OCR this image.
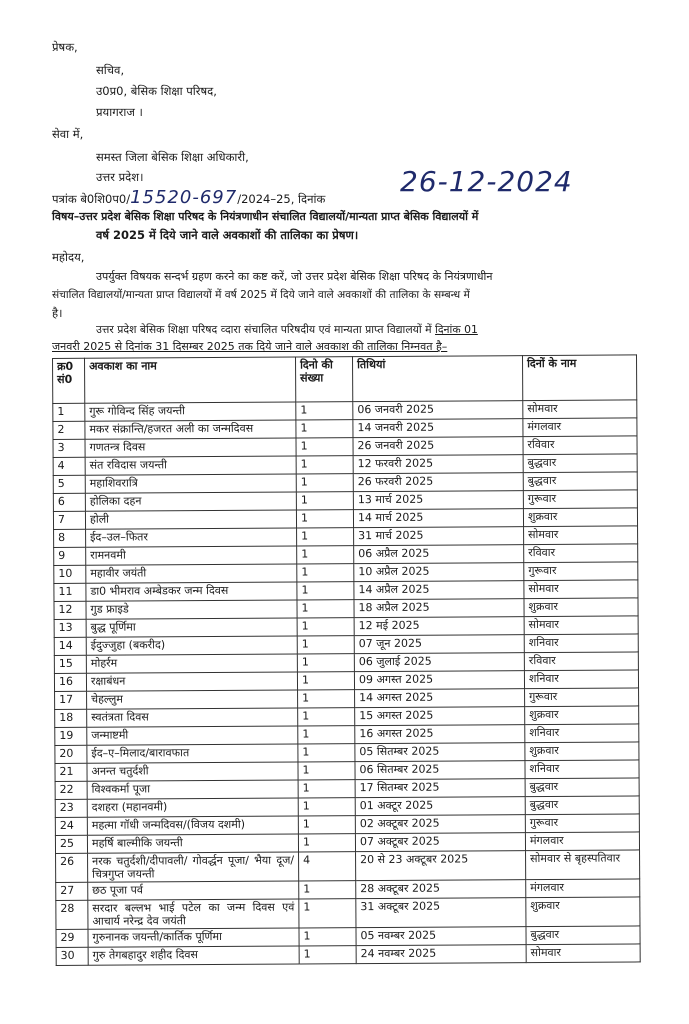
प्रेषक,
सचिव,
उ0प्र0, बेसिक शिक्षा परिषद,
प्रयागराज ।
सेवा में,
समस्त जिला बेसिक शिक्षा अधिकारी,
उत्तर प्रदेश।
पत्रांक बे0शि0प0/15520-697/2024–25, दिनांक
26-12-2024
विषय–उत्तर प्रदेश बेसिक शिक्षा परिषद के नियंत्रणाधीन संचालित विद्यालयों/मान्यता प्राप्त बेसिक विद्यालयों में
वर्ष 2025 में दिये जाने वाले अवकाशों की तालिका का प्रेषण।
महोदय,
उपर्युक्त विषयक सन्दर्भ ग्रहण करने का कष्ट करें, जो उत्तर प्रदेश बेसिक शिक्षा परिषद के नियंत्रणाधीन
संचालित विद्यालयों/मान्यता प्राप्त विद्यालयों में वर्ष 2025 में दिये जाने वाले अवकाशों की तालिका के सम्बन्ध में
है।
उत्तर प्रदेश बेसिक शिक्षा परिषद व्दारा संचालित परिषदीय एवं मान्यता प्राप्त विद्यालयों में दिनांक 01
जनवरी 2025 से दिनांक 31 दिसम्बर 2025 तक दिये जाने वाले अवकाश की तालिका निम्नवत है–
क्र0 सं0	अवकाश का नाम	दिनो की संख्या	तिथियां	दिनों के नाम
1	गुरू गोविन्द सिंह जयन्ती	1	06 जनवरी 2025	सोमवार
2	मकर संक्रान्ति/हजरत अली का जन्मदिवस	1	14 जनवरी 2025	मंगलवार
3	गणतन्त्र दिवस	1	26 जनवरी 2025	रविवार
4	संत रविदास जयन्ती	1	12 फरवरी 2025	बुद्धवार
5	महाशिवरात्रि	1	26 फरवरी 2025	बुद्धवार
6	होलिका दहन	1	13 मार्च 2025	गुरूवार
7	होली	1	14 मार्च 2025	शुक्रवार
8	ईद–उल–फितर	1	31 मार्च 2025	सोमवार
9	रामनवमी	1	06 अप्रैल 2025	रविवार
10	महावीर जयंती	1	10 अप्रैल 2025	गुरूवार
11	डा0 भीमराव अम्बेडकर जन्म दिवस	1	14 अप्रैल 2025	सोमवार
12	गुड फ्राइडे	1	18 अप्रैल 2025	शुक्रवार
13	बुद्ध पूर्णिमा	1	12 मई 2025	सोमवार
14	ईदुज्जुहा (बकरीद)	1	07 जून 2025	शनिवार
15	मोहर्रम	1	06 जुलाई 2025	रविवार
16	रक्षाबंधन	1	09 अगस्त 2025	शनिवार
17	चेहल्लुम	1	14 अगस्त 2025	गुरूवार
18	स्वतंत्रता दिवस	1	15 अगस्त 2025	शुक्रवार
19	जन्माष्टमी	1	16 अगस्त 2025	शनिवार
20	ईद–ए–मिलाद/बारावफात	1	05 सितम्बर 2025	शुक्रवार
21	अनन्त चतुर्दशी	1	06 सितम्बर 2025	शनिवार
22	विश्वकर्मा पूजा	1	17 सितम्बर 2025	बुद्धवार
23	दशहरा (महानवमी)	1	01 अक्टूर 2025	बुद्धवार
24	महत्मा गॉधी जन्मदिवस/(विजय दशमी)	1	02 अक्टूबर 2025	गुरूवार
25	महर्षि बाल्मीकि जयन्ती	1	07 अक्टूबर 2025	मंगलवार
26	नरक चतुर्दशी/दीपावली/ गोवर्द्धन पूजा/ भैया दूज/चित्रगुप्त जयन्ती	4	20 से 23 अक्टूबर 2025	सोमवार से बृहस्पतिवार
27	छठ पूजा पर्व	1	28 अक्टूबर 2025	मंगलवार
28	सरदार बल्लभ भाई पटेल का जन्म दिवस एवं आचार्य नरेन्द्र देव जयंती	1	31 अक्टूबर 2025	शुक्रवार
29	गुरुनानक जयन्ती/कार्तिक पूर्णिमा	1	05 नवम्बर 2025	बुद्धवार
30	गुरु तेगबहादुर शहीद दिवस	1	24 नवम्बर 2025	सोमवार
